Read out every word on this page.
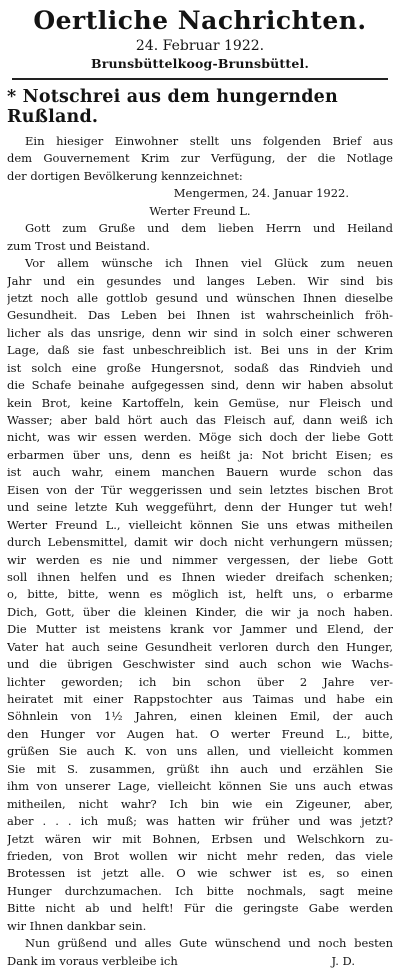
Oertliche Nachrichten.
24. Februar 1922.
Brunsbüttelkoog-Brunsbüttel.
* Notschrei aus dem hungernden Rußland.
Ein hiesiger Einwohner stellt uns folgenden Brief aus
dem Gouvernement Krim zur Verfügung, der die Notlage
der dortigen Bevölkerung kennzeichnet:
Mengermen, 24. Januar 1922.
Werter Freund L.
Gott zum Gruße und dem lieben Herrn und Heiland
zum Trost und Beistand.
Vor allem wünsche ich Ihnen viel Glück zum neuen
Jahr und ein gesundes und langes Leben. Wir sind bis
jetzt noch alle gottlob gesund und wünschen Ihnen dieselbe
Gesundheit. Das Leben bei Ihnen ist wahrscheinlich fröh-
licher als das unsrige, denn wir sind in solch einer schweren
Lage, daß sie fast unbeschreiblich ist. Bei uns in der Krim
ist solch eine große Hungersnot, sodaß das Rindvieh und
die Schafe beinahe aufgegessen sind, denn wir haben absolut
kein Brot, keine Kartoffeln, kein Gemüse, nur Fleisch und
Wasser; aber bald hört auch das Fleisch auf, dann weiß ich
nicht, was wir essen werden. Möge sich doch der liebe Gott
erbarmen über uns, denn es heißt ja: Not bricht Eisen; es
ist auch wahr, einem manchen Bauern wurde schon das
Eisen von der Tür weggerissen und sein letztes bischen Brot
und seine letzte Kuh weggeführt, denn der Hunger tut weh!
Werter Freund L., vielleicht können Sie uns etwas mitheilen
durch Lebensmittel, damit wir doch nicht verhungern müssen;
wir werden es nie und nimmer vergessen, der liebe Gott
soll ihnen helfen und es Ihnen wieder dreifach schenken;
o, bitte, bitte, wenn es möglich ist, helft uns, o erbarme
Dich, Gott, über die kleinen Kinder, die wir ja noch haben.
Die Mutter ist meistens krank vor Jammer und Elend, der
Vater hat auch seine Gesundheit verloren durch den Hunger,
und die übrigen Geschwister sind auch schon wie Wachs-
lichter geworden; ich bin schon über 2 Jahre ver-
heiratet mit einer Rappstochter aus Taimas und habe ein
Söhnlein von 1½ Jahren, einen kleinen Emil, der auch
den Hunger vor Augen hat. O werter Freund L., bitte,
grüßen Sie auch K. von uns allen, und vielleicht kommen
Sie mit S. zusammen, grüßt ihn auch und erzählen Sie
ihm von unserer Lage, vielleicht können Sie uns auch etwas
mitheilen, nicht wahr? Ich bin wie ein Zigeuner, aber,
aber . . . ich muß; was hatten wir früher und was jetzt?
Jetzt wären wir mit Bohnen, Erbsen und Welschkorn zu-
frieden, von Brot wollen wir nicht mehr reden, das viele
Brotessen ist jetzt alle. O wie schwer ist es, so einen
Hunger durchzumachen. Ich bitte nochmals, sagt meine
Bitte nicht ab und helft! Für die geringste Gabe werden
wir Ihnen dankbar sein.
Nun grüßend und alles Gute wünschend und noch besten
Dank im voraus verbleibe ich	J. D.
